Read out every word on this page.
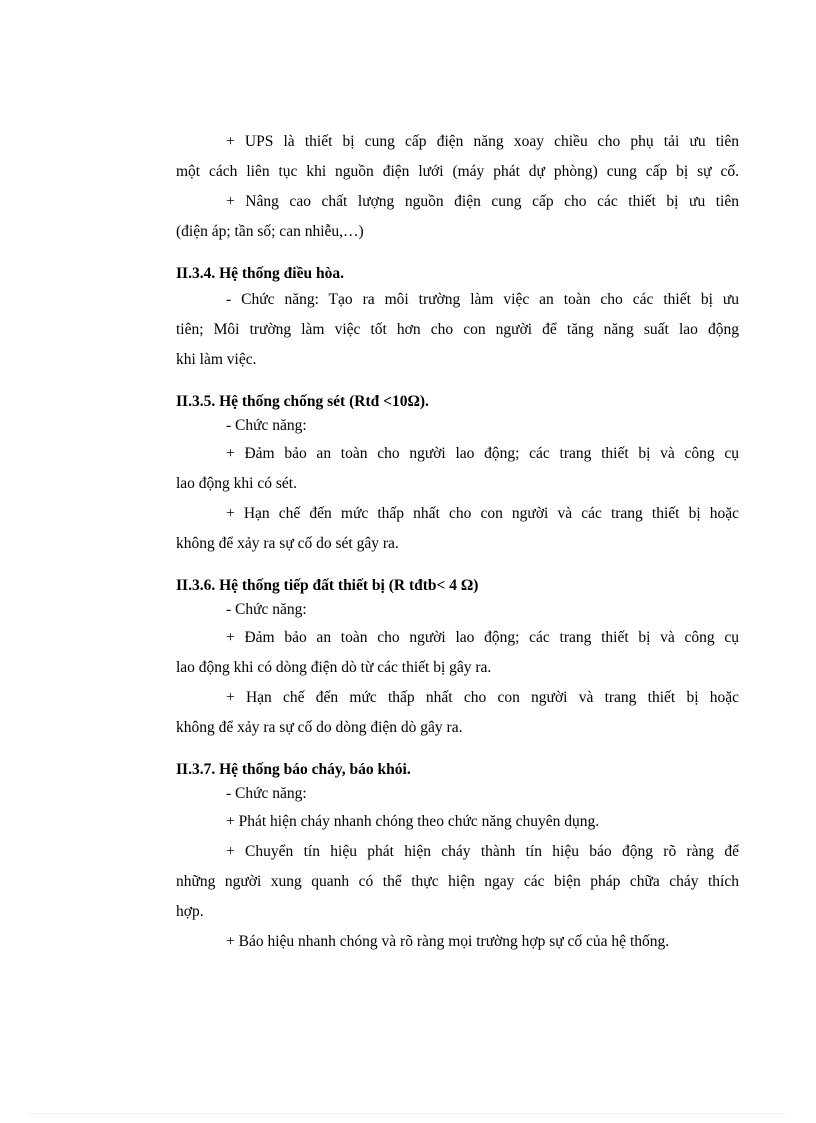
+ UPS là thiết bị cung cấp điện năng xoay chiều cho phụ tải ưu tiên
một cách liên tục khi nguồn điện lưới (máy phát dự phòng) cung cấp bị sự cố.
+ Nâng cao chất lượng nguồn điện cung cấp cho các thiết bị ưu tiên
(điện áp; tần số; can nhiễu,…)
II.3.4. Hệ thống điều hòa.
- Chức năng: Tạo ra môi trường làm việc an toàn cho các thiết bị ưu
tiên; Môi trường làm việc tốt hơn cho con người để tăng năng suất lao động
khi làm việc.
II.3.5. Hệ thống chống sét (Rtđ <10Ω).
- Chức năng:
+ Đảm bảo an toàn cho người lao động; các trang thiết bị và công cụ
lao động khi có sét.
+ Hạn chế đến mức thấp nhất cho con người và các trang thiết bị hoặc
không để xảy ra sự cố do sét gây ra.
II.3.6. Hệ thống tiếp đất thiết bị (R tđtb< 4 Ω)
- Chức năng:
+ Đảm bảo an toàn cho người lao động; các trang thiết bị và công cụ
lao động khi có dòng điện dò từ các thiết bị gây ra.
+ Hạn chế đến mức thấp nhất cho con người và trang thiết bị hoặc
không để xảy ra sự cố do dòng điện dò gây ra.
II.3.7. Hệ thống báo cháy, báo khói.
- Chức năng:
+ Phát hiện cháy nhanh chóng theo chức năng chuyên dụng.
+ Chuyển tín hiệu phát hiện cháy thành tín hiệu báo động rõ ràng để
những người xung quanh có thể thực hiện ngay các biện pháp chữa cháy thích
hợp.
+ Báo hiệu nhanh chóng và rõ ràng mọi trường hợp sự cố của hệ thống.
